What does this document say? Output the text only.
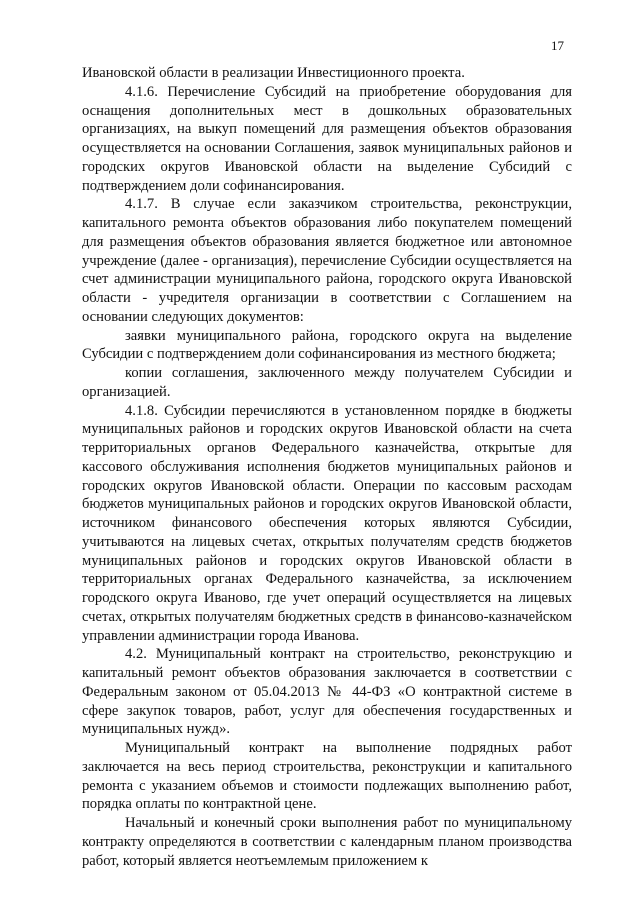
17

Ивановской области в реализации Инвестиционного проекта.

4.1.6. Перечисление Субсидий на приобретение оборудования для оснащения дополнительных мест в дошкольных образовательных организациях, на выкуп помещений для размещения объектов образования осуществляется на основании Соглашения, заявок муниципальных районов и городских округов Ивановской области на выделение Субсидий с подтверждением доли софинансирования.

4.1.7. В случае если заказчиком строительства, реконструкции, капитального ремонта объектов образования либо покупателем помещений для размещения объектов образования является бюджетное или автономное учреждение (далее - организация), перечисление Субсидии осуществляется на счет администрации муниципального района, городского округа Ивановской области - учредителя организации в соответствии с Соглашением на основании следующих документов:

заявки муниципального района, городского округа на выделение Субсидии с подтверждением доли софинансирования из местного бюджета;

копии соглашения, заключенного между получателем Субсидии и организацией.

4.1.8. Субсидии перечисляются в установленном порядке в бюджеты муниципальных районов и городских округов Ивановской области на счета территориальных органов Федерального казначейства, открытые для кассового обслуживания исполнения бюджетов муниципальных районов и городских округов Ивановской области. Операции по кассовым расходам бюджетов муниципальных районов и городских округов Ивановской области, источником финансового обеспечения которых являются Субсидии, учитываются на лицевых счетах, открытых получателям средств бюджетов муниципальных районов и городских округов Ивановской области в территориальных органах Федерального казначейства, за исключением городского округа Иваново, где учет операций осуществляется на лицевых счетах, открытых получателям бюджетных средств в финансово-казначейском управлении администрации города Иванова.

4.2. Муниципальный контракт на строительство, реконструкцию и капитальный ремонт объектов образования заключается в соответствии с Федеральным законом от 05.04.2013 № 44-ФЗ «О контрактной системе в сфере закупок товаров, работ, услуг для обеспечения государственных и муниципальных нужд».

Муниципальный контракт на выполнение подрядных работ заключается на весь период строительства, реконструкции и капитального ремонта с указанием объемов и стоимости подлежащих выполнению работ, порядка оплаты по контрактной цене.

Начальный и конечный сроки выполнения работ по муниципальному контракту определяются в соответствии с календарным планом производства работ, который является неотъемлемым приложением к
